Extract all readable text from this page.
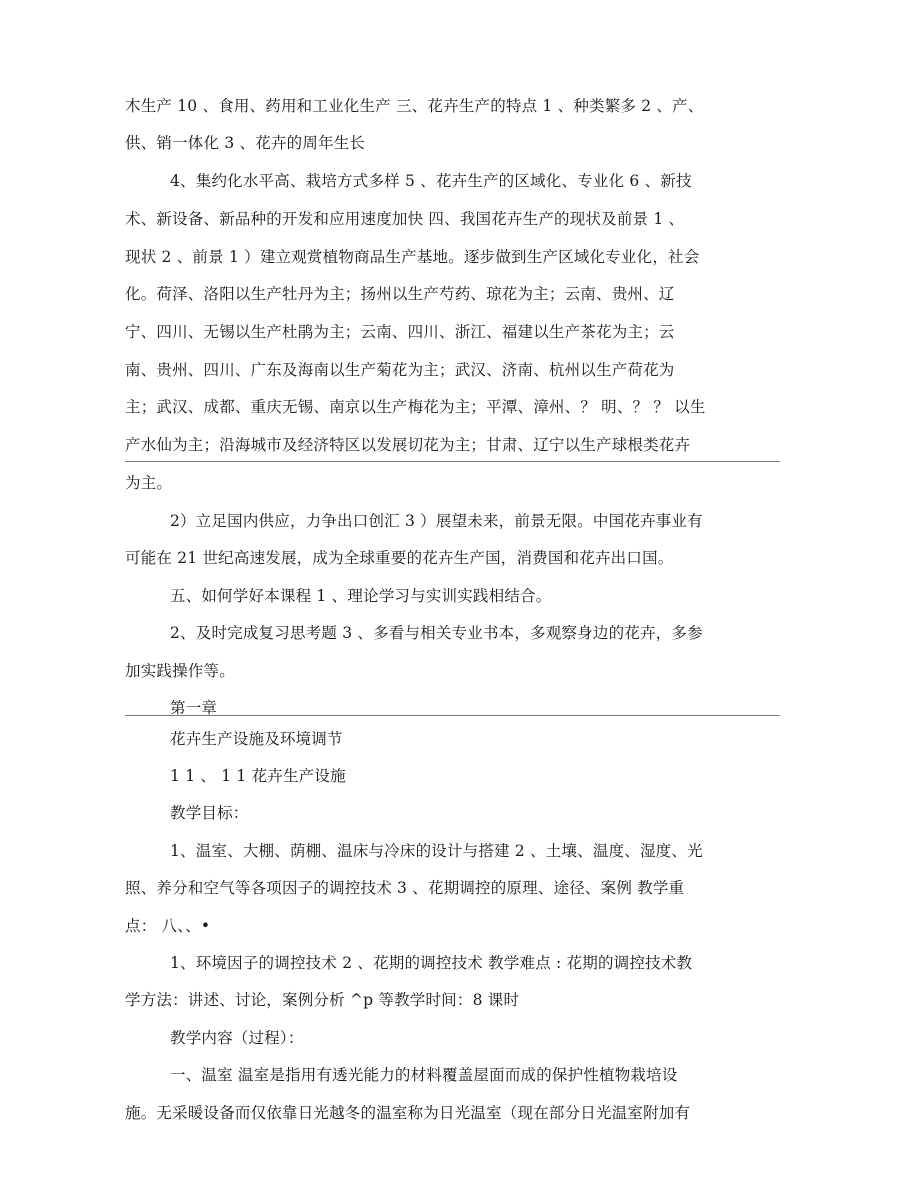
木生产 10 、食用、药用和工业化生产 三、花卉生产的特点 1 、种类繁多 2 、产、
供、销一体化 3 、花卉的周年生长
4、集约化水平高、栽培方式多样 5 、花卉生产的区域化、专业化 6 、新技
术、新设备、新品种的开发和应用速度加快 四、我国花卉生产的现状及前景 1 、
现状 2 、前景 1 ）建立观赏植物商品生产基地。逐步做到生产区域化专业化，社会
化。荷泽、洛阳以生产牡丹为主；扬州以生产芍药、琼花为主；云南、贵州、辽
宁、四川、无锡以生产杜鹃为主；云南、四川、浙江、福建以生产茶花为主；云
南、贵州、四川、广东及海南以生产菊花为主；武汉、济南、杭州以生产荷花为
主；武汉、成都、重庆无锡、南京以生产梅花为主；平潭、漳州、？ 明、？ ？ 以生
产水仙为主；沿海城市及经济特区以发展切花为主；甘肃、辽宁以生产球根类花卉
为主。
2）立足国内供应，力争出口创汇 3 ）展望未来，前景无限。中国花卉事业有
可能在 21 世纪高速发展，成为全球重要的花卉生产国，消费国和花卉出口国。
五、如何学好本课程 1 、理论学习与实训实践相结合。
2、及时完成复习思考题 3 、多看与相关专业书本，多观察身边的花卉，多参
加实践操作等。
第一章
花卉生产设施及环境调节
1 1 、 1 1 花卉生产设施
教学目标：
1、温室、大棚、荫棚、温床与冷床的设计与搭建 2 、土壤、温度、湿度、光
照、养分和空气等各项因子的调控技术 3 、花期调控的原理、途径、案例 教学重
点： 八、、•
1、环境因子的调控技术 2 、花期的调控技术 教学难点 : 花期的调控技术教
学方法：讲述、讨论，案例分析 ^p 等教学时间：8 课时
教学内容（过程）：
一、温室 温室是指用有透光能力的材料覆盖屋面而成的保护性植物栽培设
施。无采暖设备而仅依靠日光越冬的温室称为日光温室（现在部分日光温室附加有
